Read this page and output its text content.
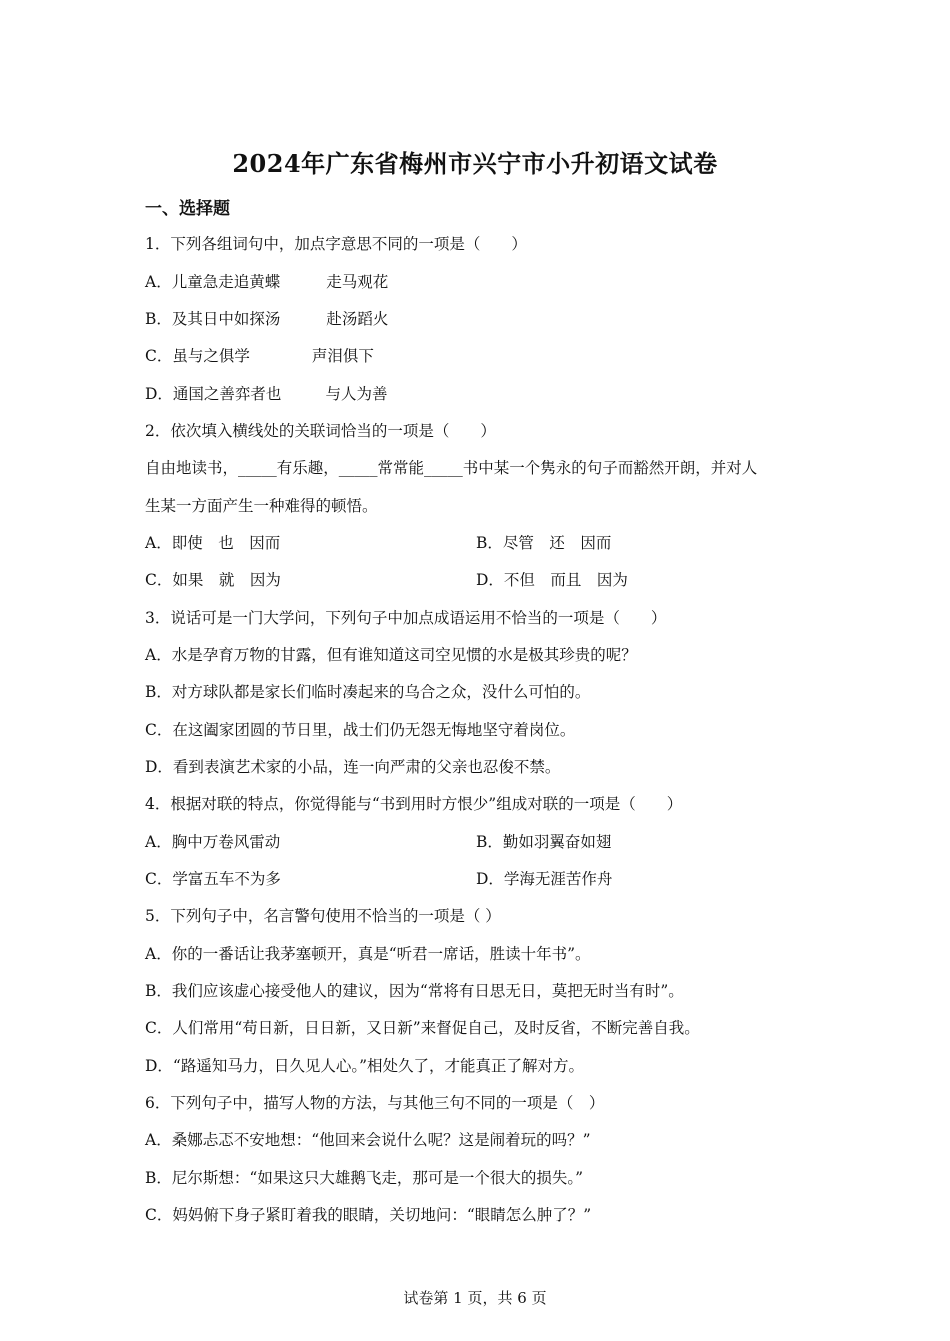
2024年广东省梅州市兴宁市小升初语文试卷
一、选择题
1．下列各组词句中，加点字意思不同的一项是（　　）
A．儿童急走追黄蝶	走马观花
B．及其日中如探汤	赴汤蹈火
C．虽与之俱学	声泪俱下
D．通国之善弈者也	与人为善
2．依次填入横线处的关联词恰当的一项是（　　）
自由地读书，_____有乐趣，_____常常能_____书中某一个隽永的句子而豁然开朗，并对人
生某一方面产生一种难得的顿悟。
A．即使　也　因而	B．尽管　还　因而
C．如果　就　因为	D．不但　而且　因为
3．说话可是一门大学问，下列句子中加点成语运用不恰当的一项是（　　）
A．水是孕育万物的甘露，但有谁知道这司空见惯的水是极其珍贵的呢？
B．对方球队都是家长们临时凑起来的乌合之众，没什么可怕的。
C．在这阖家团圆的节日里，战士们仍无怨无悔地坚守着岗位。
D．看到表演艺术家的小品，连一向严肃的父亲也忍俊不禁。
4．根据对联的特点，你觉得能与“书到用时方恨少”组成对联的一项是（　　）
A．胸中万卷风雷动	B．勤如羽翼奋如翅
C．学富五车不为多	D．学海无涯苦作舟
5．下列句子中，名言警句使用不恰当的一项是（ ）
A．你的一番话让我茅塞顿开，真是“听君一席话，胜读十年书”。
B．我们应该虚心接受他人的建议，因为“常将有日思无日，莫把无时当有时”。
C．人们常用“苟日新，日日新，又日新”来督促自己，及时反省，不断完善自我。
D．“路遥知马力，日久见人心。”相处久了，才能真正了解对方。
6．下列句子中，描写人物的方法，与其他三句不同的一项是（　）
A．桑娜忐忑不安地想：“他回来会说什么呢？这是闹着玩的吗？”
B．尼尔斯想：“如果这只大雄鹅飞走，那可是一个很大的损失。”
C．妈妈俯下身子紧盯着我的眼睛，关切地问：“眼睛怎么肿了？”
试卷第 1 页，共 6 页
